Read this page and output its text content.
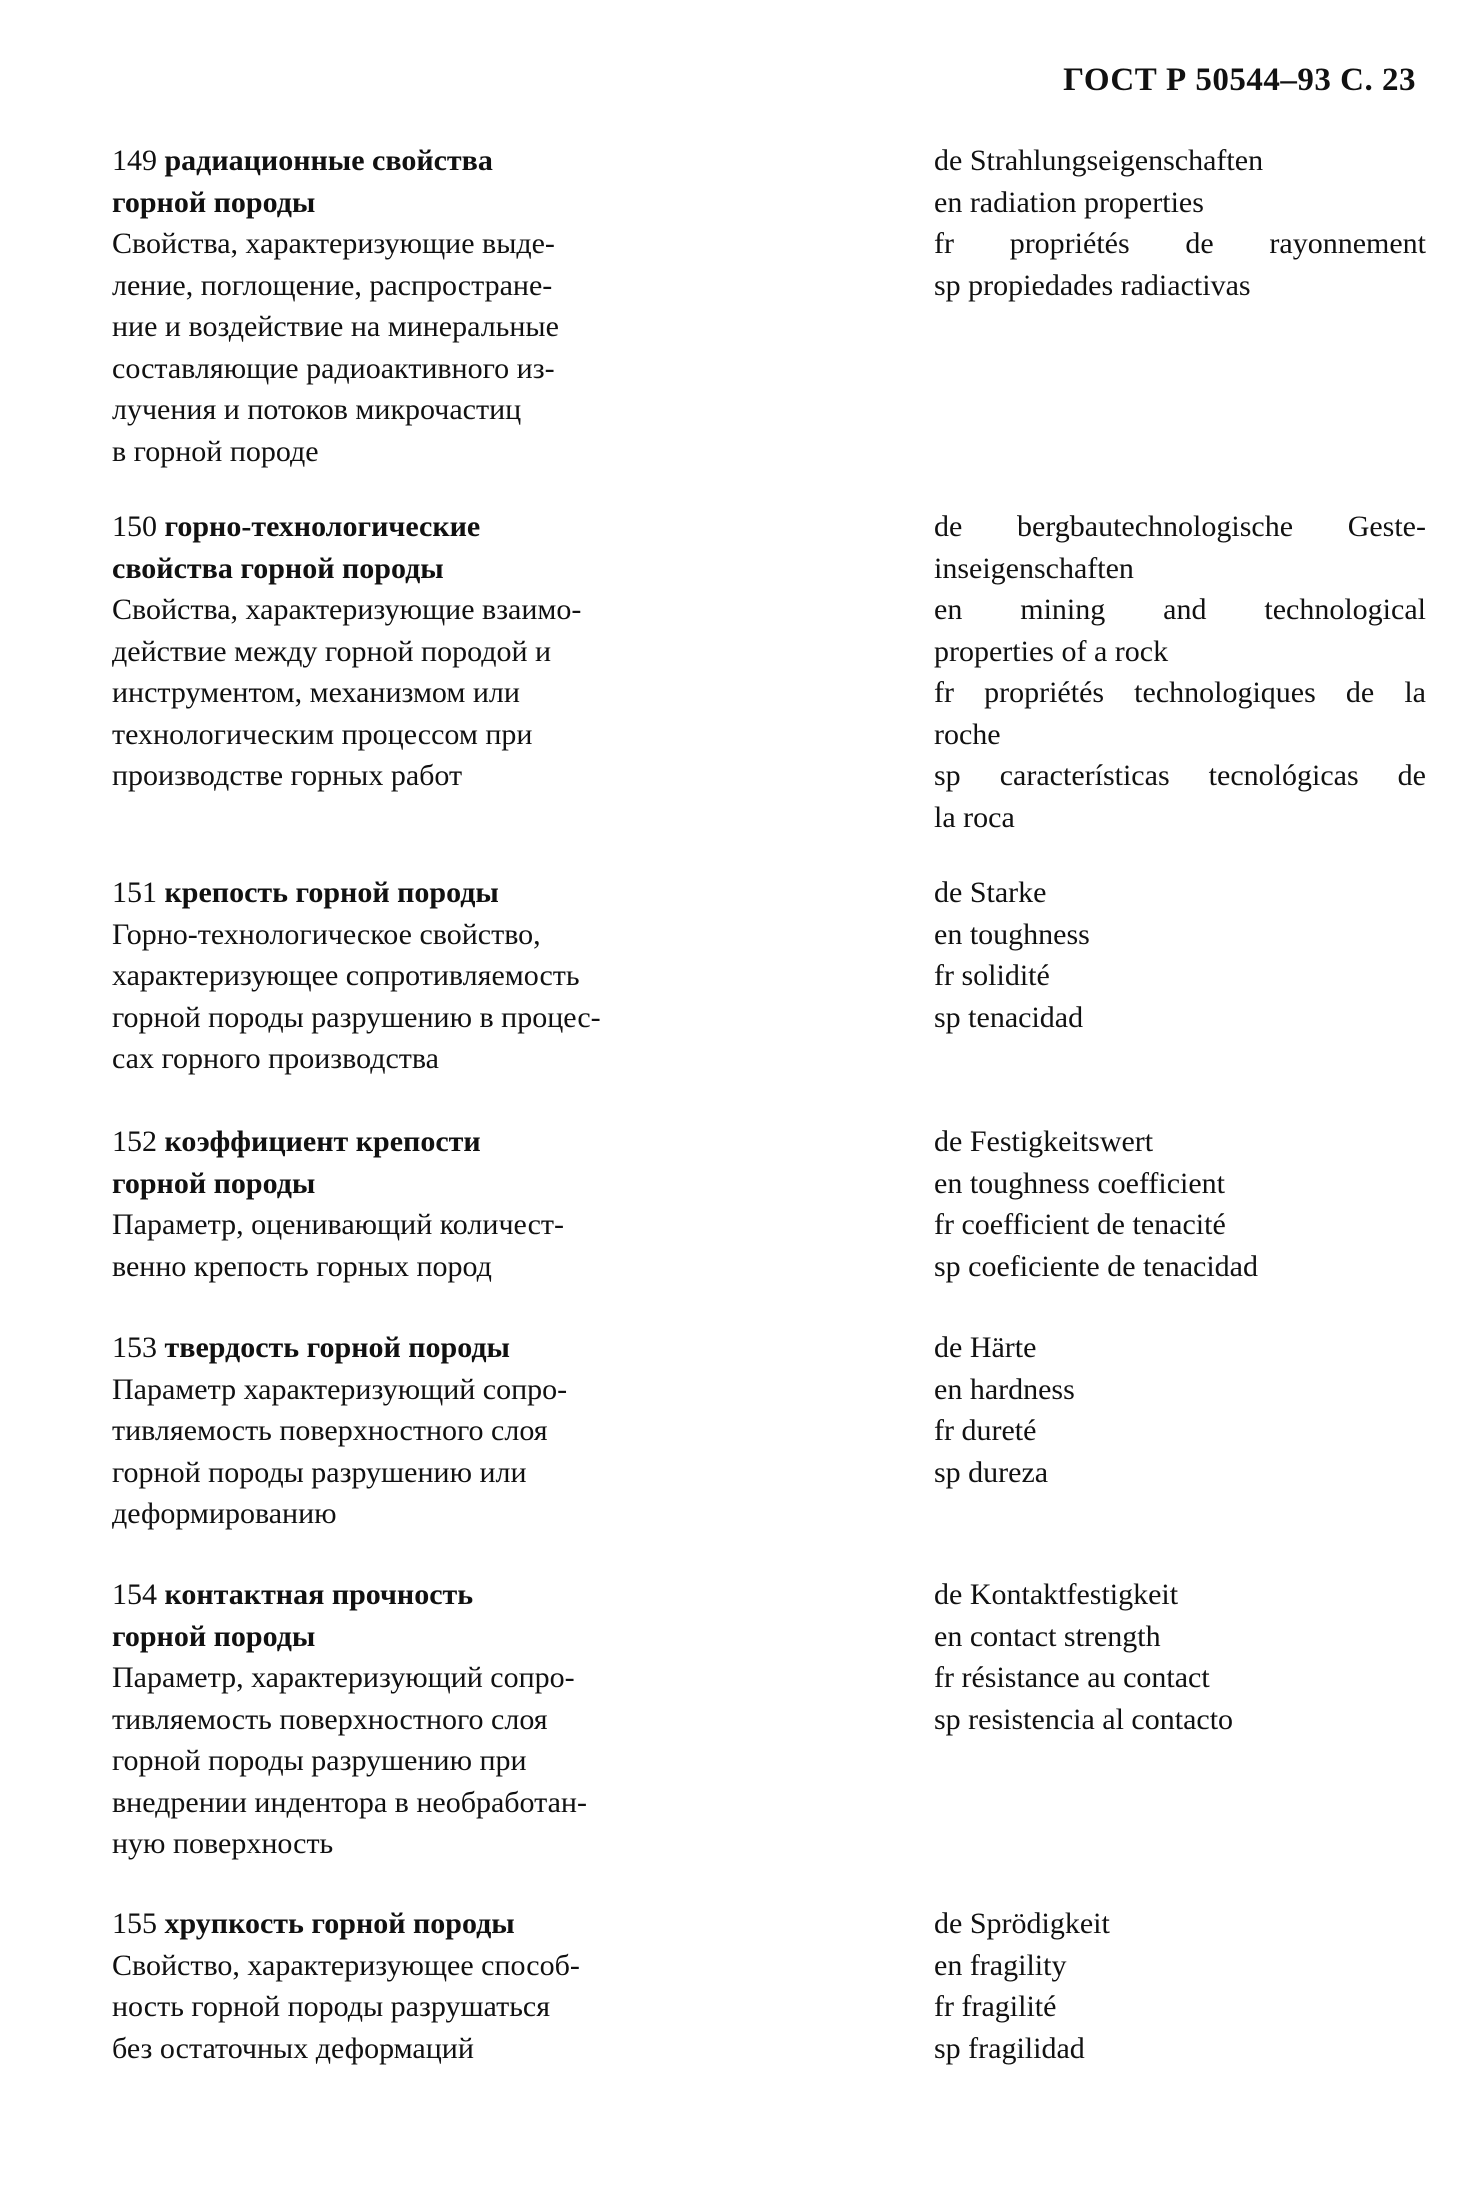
ГОСТ Р 50544–93 С. 23
149 радиационные свойства
горной породы
Свойства, характеризующие выде-
ление, поглощение, распростране-
ние и воздействие на минеральные
составляющие радиоактивного из-
лучения и потоков микрочастиц
в горной породе
de Strahlungseigenschaften
en radiation properties
fr propriétés de rayonnement
sp propiedades radiactivas
150 горно-технологические
свойства горной породы
Свойства, характеризующие взаимо-
действие между горной породой и
инструментом, механизмом или
технологическим процессом при
производстве горных работ
de bergbautechnologische Geste-
inseigenschaften
en mining and technological
properties of a rock
fr propriétés technologiques de la
roche
sp características tecnológicas de
la roca
151 крепость горной породы
Горно-технологическое свойство,
характеризующее сопротивляемость
горной породы разрушению в процес-
сах горного производства
de Starke
en toughness
fr solidité
sp tenacidad
152 коэффициент крепости
горной породы
Параметр, оценивающий количест-
венно крепость горных пород
de Festigkeitswert
en toughness coefficient
fr coefficient de tenacité
sp coeficiente de tenacidad
153 твердость горной породы
Параметр характеризующий сопро-
тивляемость поверхностного слоя
горной породы разрушению или
деформированию
de Härte
en hardness
fr dureté
sp dureza
154 контактная прочность
горной породы
Параметр, характеризующий сопро-
тивляемость поверхностного слоя
горной породы разрушению при
внедрении индентора в необработан-
ную поверхность
de Kontaktfestigkeit
en contact strength
fr résistance au contact
sp resistencia al contacto
155 хрупкость горной породы
Свойство, характеризующее способ-
ность горной породы разрушаться
без остаточных деформаций
de Sprödigkeit
en fragility
fr fragilité
sp fragilidad
